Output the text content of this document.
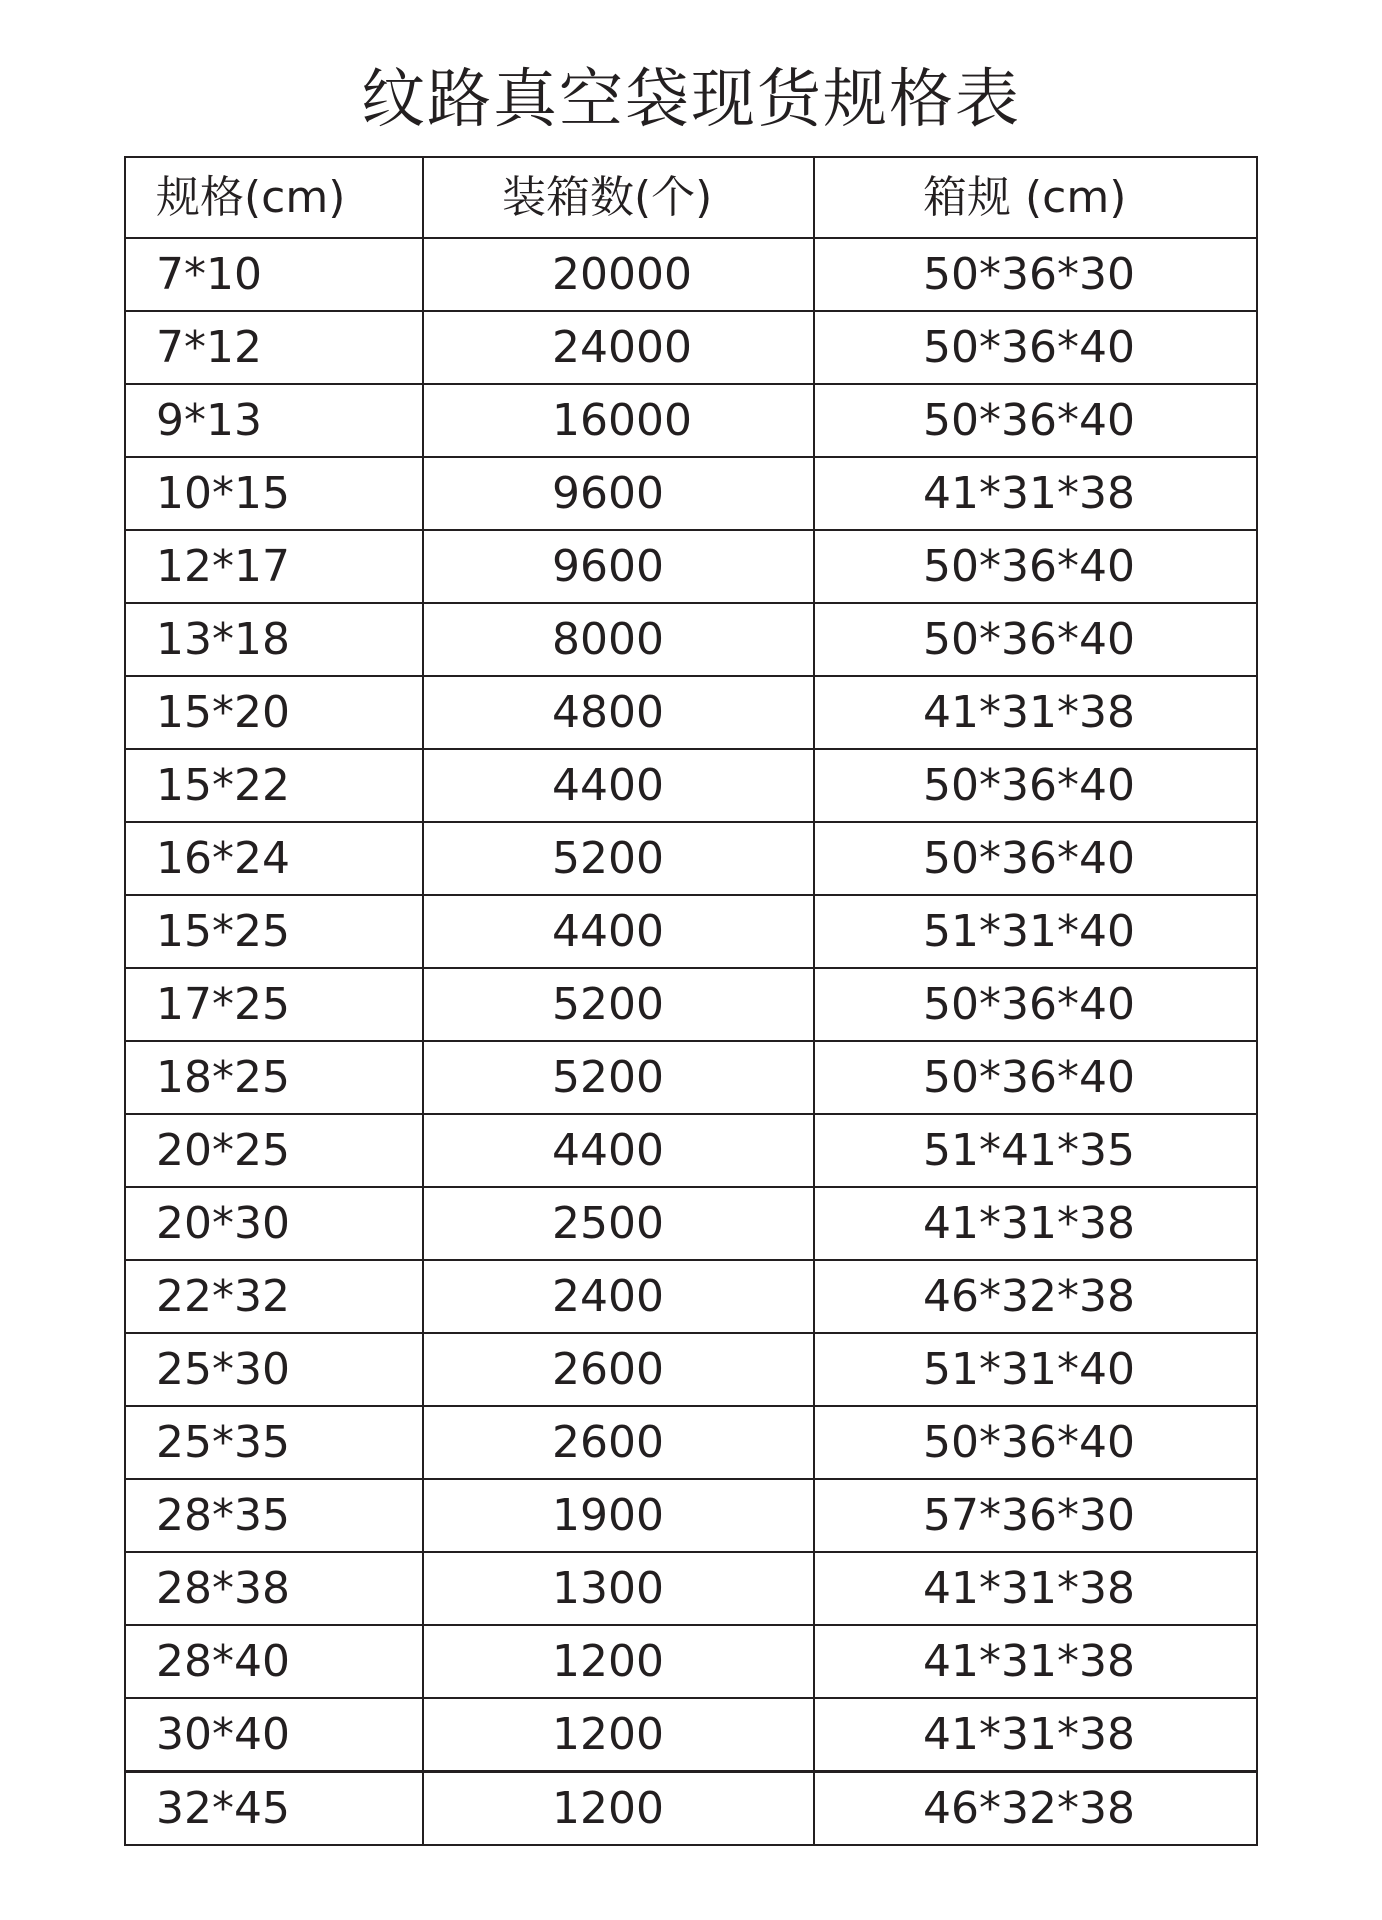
纹路真空袋现货规格表
规格(cm)	装箱数(个)	箱规 (cm)
7*10	20000	50*36*30
7*12	24000	50*36*40
9*13	16000	50*36*40
10*15	9600	41*31*38
12*17	9600	50*36*40
13*18	8000	50*36*40
15*20	4800	41*31*38
15*22	4400	50*36*40
16*24	5200	50*36*40
15*25	4400	51*31*40
17*25	5200	50*36*40
18*25	5200	50*36*40
20*25	4400	51*41*35
20*30	2500	41*31*38
22*32	2400	46*32*38
25*30	2600	51*31*40
25*35	2600	50*36*40
28*35	1900	57*36*30
28*38	1300	41*31*38
28*40	1200	41*31*38
30*40	1200	41*31*38
32*45	1200	46*32*38
